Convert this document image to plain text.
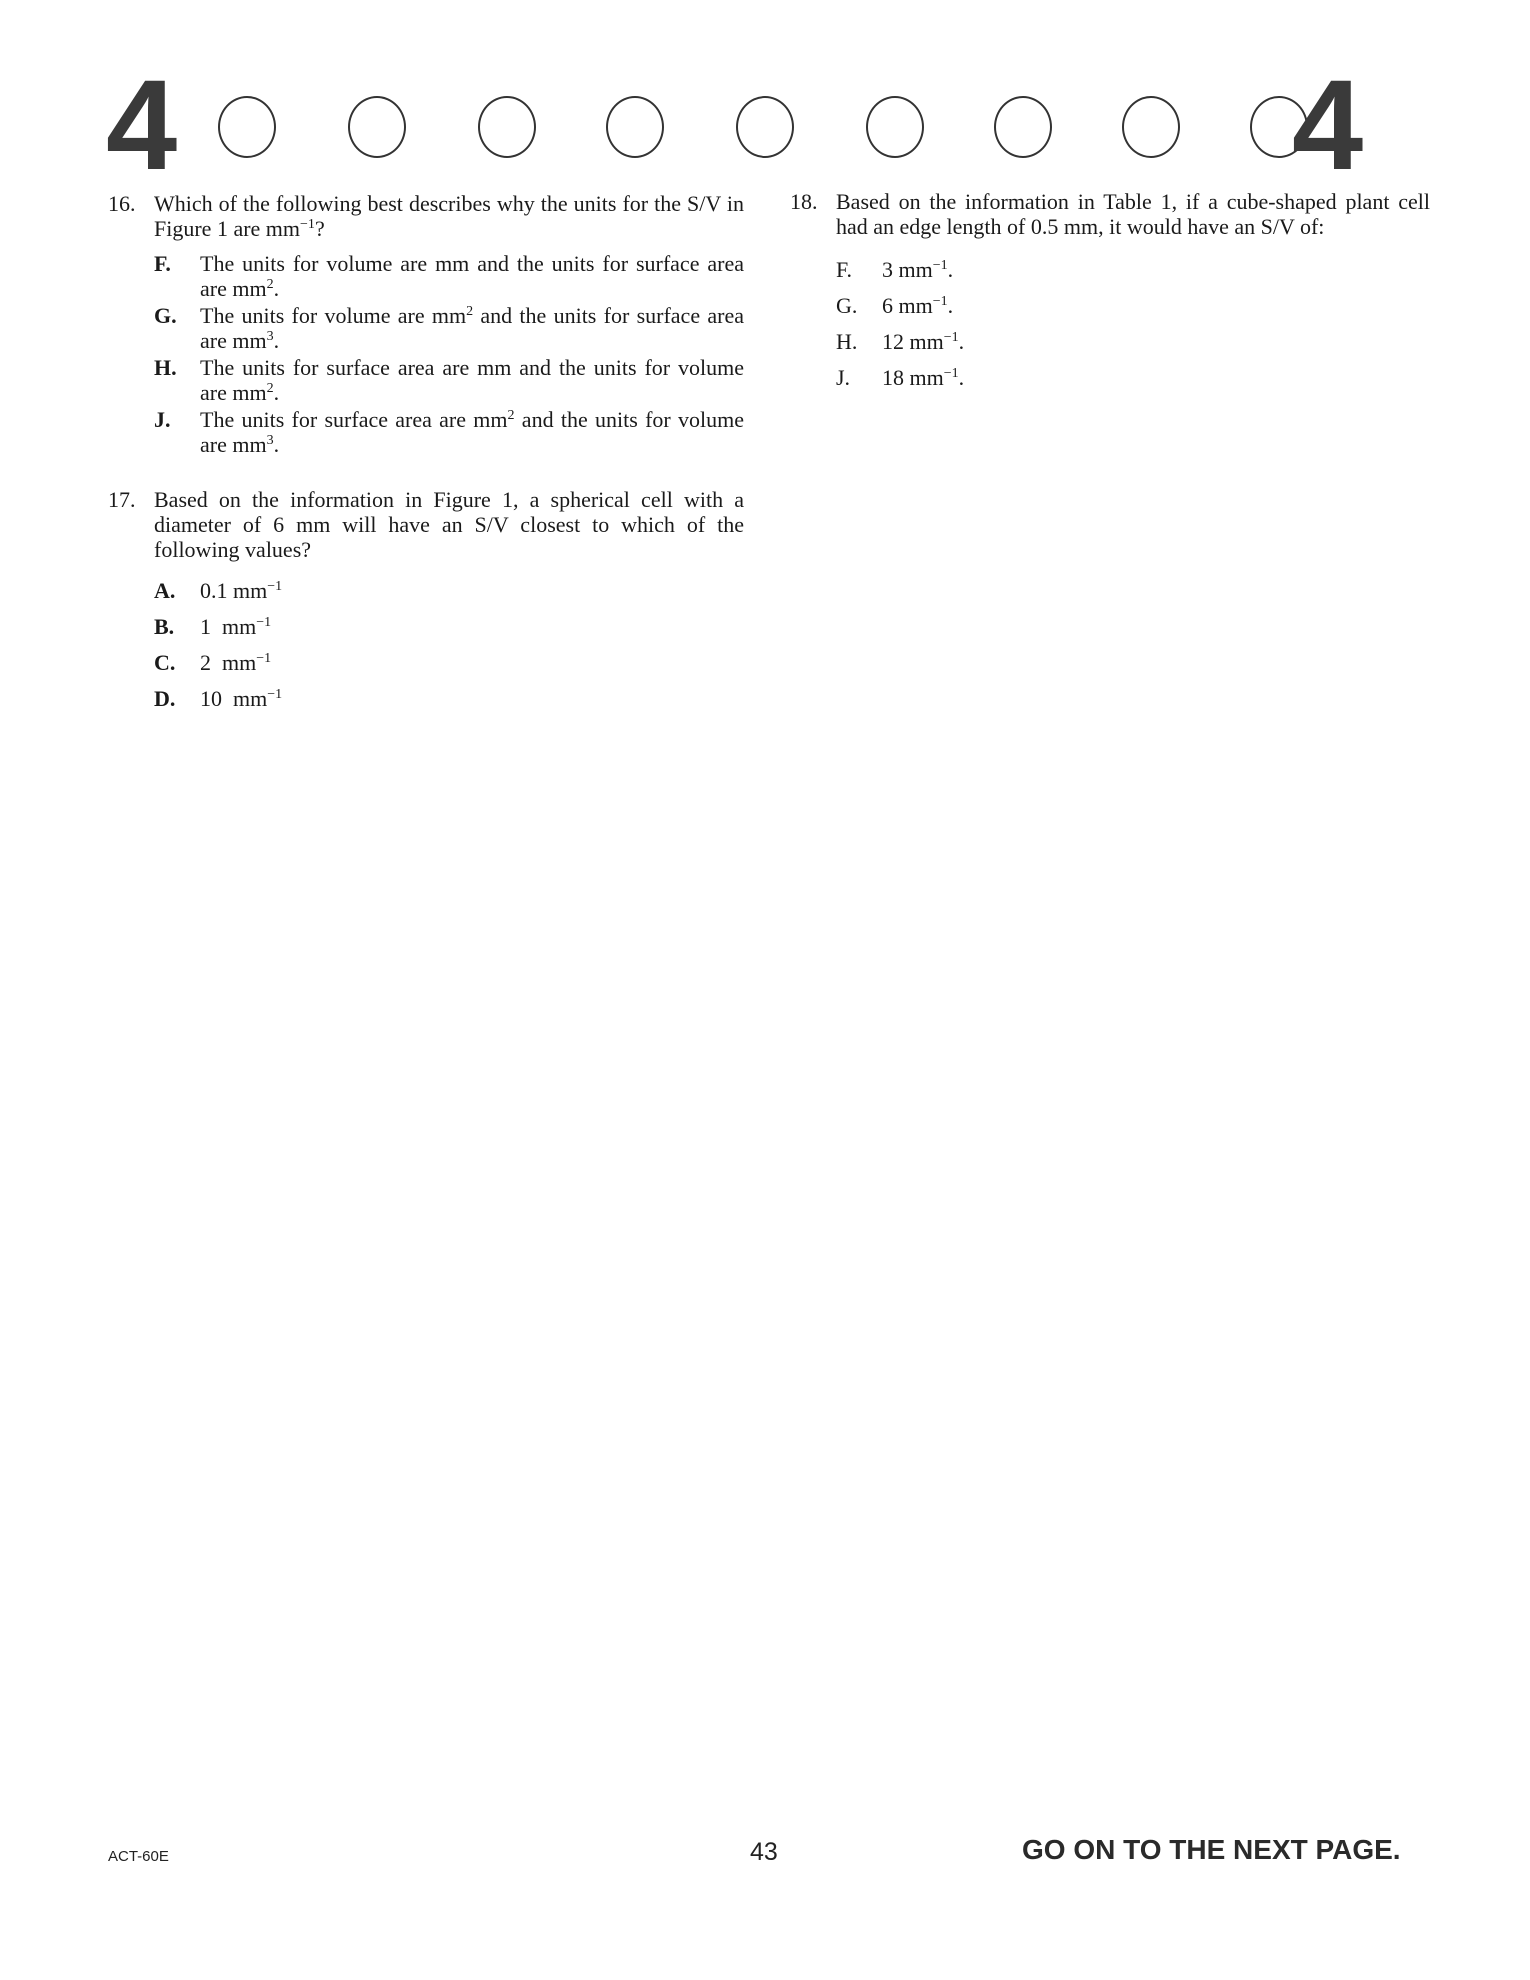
4	4
16. Which of the following best describes why the units for the S/V in Figure 1 are $mm^{-1}$?
F. The units for volume are mm and the units for surface area are $mm^2$.
G. The units for volume are $mm^2$ and the units for surface area are $mm^3$.
H. The units for surface area are mm and the units for volume are $mm^2$.
J. The units for surface area are $mm^2$ and the units for volume are $mm^3$.
17. Based on the information in Figure 1, a spherical cell with a diameter of 6 mm will have an S/V closest to which of the following values?
A. 0.1 $mm^{-1}$
B. 1  $mm^{-1}$
C. 2  $mm^{-1}$
D. 10  $mm^{-1}$
18. Based on the information in Table 1, if a cube-shaped plant cell had an edge length of 0.5 mm, it would have an S/V of:
F. 3 $mm^{-1}$.
G. 6 $mm^{-1}$.
H. 12 $mm^{-1}$.
J. 18 $mm^{-1}$.
ACT-60E	43	GO ON TO THE NEXT PAGE.
